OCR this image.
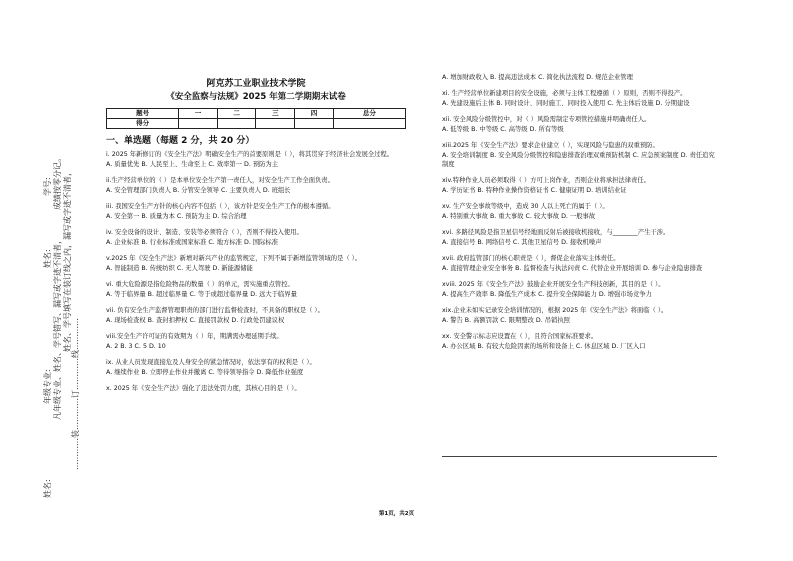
学号: 成绩按零分记。
姓名: 姓名、学号填写在装订线之内，漏写或字迹不清者，
年级专业: 凡年级专业、姓名、学号错写、漏写或字迹不清者， …………装…………订…………线…………
姓名:
阿克苏工业职业技术学院
《安全监察与法规》2025 年第二学期期末试卷
题号	一	二	三	四	总分
得分					
一、单选题（每题 2 分，共 20 分）
i. 2025 年新修订的《安全生产法》明确安全生产的首要原则是（ ），将其贯穿于经济社会发展全过程。
A. 质量优先 B. 人民至上、生命至上 C. 效率第一 D. 预防为主
ii.生产经营单位的（ ）是本单位安全生产第一责任人，对安全生产工作全面负责。
A. 安全管理部门负责人 B. 分管安全领导 C. 主要负责人 D. 班组长
iii. 我国安全生产方针的核心内容不包括（ ），该方针是安全生产工作的根本遵循。
A. 安全第一 B. 质量为本 C. 预防为主 D. 综合治理
iv. 安全设备的设计、制造、安装等必须符合（ ），否则不得投入使用。
A. 企业标准 B. 行业标准或国家标准 C. 地方标准 D. 国际标准
v.2025 年《安全生产法》新增对新兴产业的监管规定，下列不属于新增监管领域的是（ ）。
A. 智能制造 B. 传统纺织 C. 无人驾驶 D. 新能源储能
vi. 重大危险源是指危险物品的数量（ ）的单元，需实施重点管控。
A. 等于临界量 B. 超过临界量 C. 等于或超过临界量 D. 远大于临界量
vii. 负有安全生产监督管理职责的部门进行监督检查时，不具备的职权是（ ）。
A. 现场检查权 B. 查封扣押权 C. 直接罚款权 D. 行政处罚建议权
viii.安全生产许可证的有效期为（ ）年，期满需办理延期手续。
A. 2 B. 3 C. 5 D. 10
ix. 从业人员发现直接危及人身安全的紧急情况时，依法享有的权利是（ ）。
A. 继续作业 B. 立即停止作业并撤离 C. 等待领导指令 D. 降低作业强度
x. 2025 年《安全生产法》强化了违法处罚力度，其核心目的是（ ）。
A. 增加财政收入 B. 提高违法成本 C. 简化执法流程 D. 规范企业管理
xi. 生产经营单位新建项目的安全设施，必须与主体工程遵循（ ）原则，否则不得投产。
A. 先建设施后主体 B. 同时设计、同时施工、同时投入使用 C. 先主体后设施 D. 分期建设
xii. 安全风险分级管控中，对（ ）风险需制定专项管控措施并明确责任人。
A. 低等级 B. 中等级 C. 高等级 D. 所有等级
xiii.2025 年《安全生产法》要求企业建立（ ），实现风险与隐患的双重预防。
A. 安全培训制度 B. 安全风险分级管控和隐患排查治理双重预防机制 C. 应急预案制度 D. 责任追究制度
xiv.特种作业人员必须取得（ ）方可上岗作业，否则企业将承担法律责任。
A. 学历证书 B. 特种作业操作资格证书 C. 健康证明 D. 培训结业证
xv. 生产安全事故等级中，造成 30 人以上死亡的属于（ ）。
A. 特别重大事故 B. 重大事故 C. 较大事故 D. 一般事故
xvi. 多路径风险是指卫星信号经地面反射后被接收机接收，与________产生干涉。
A. 直接信号 B. 网络信号 C. 其他卫星信号 D. 接收机噪声
xvii. 政府监管部门的核心职责是（ ），督促企业落实主体责任。
A. 直接管理企业安全事务 B. 监督检查与执法问责 C. 代替企业开展培训 D. 参与企业隐患排查
xviii. 2025 年《安全生产法》鼓励企业开展安全生产科技创新，其目的是（ ）。
A. 提高生产效率 B. 降低生产成本 C. 提升安全保障能力 D. 增强市场竞争力
xix.企业未如实记录安全培训情况的，根据 2025 年《安全生产法》将面临（ ）。
A. 警告 B. 高额罚款 C. 限期整改 D. 吊销执照
xx. 安全警示标志应设置在（ ），且符合国家标准要求。
A. 办公区域 B. 有较大危险因素的场所和设备上 C. 休息区域 D. 厂区入口
第1页，共2页
